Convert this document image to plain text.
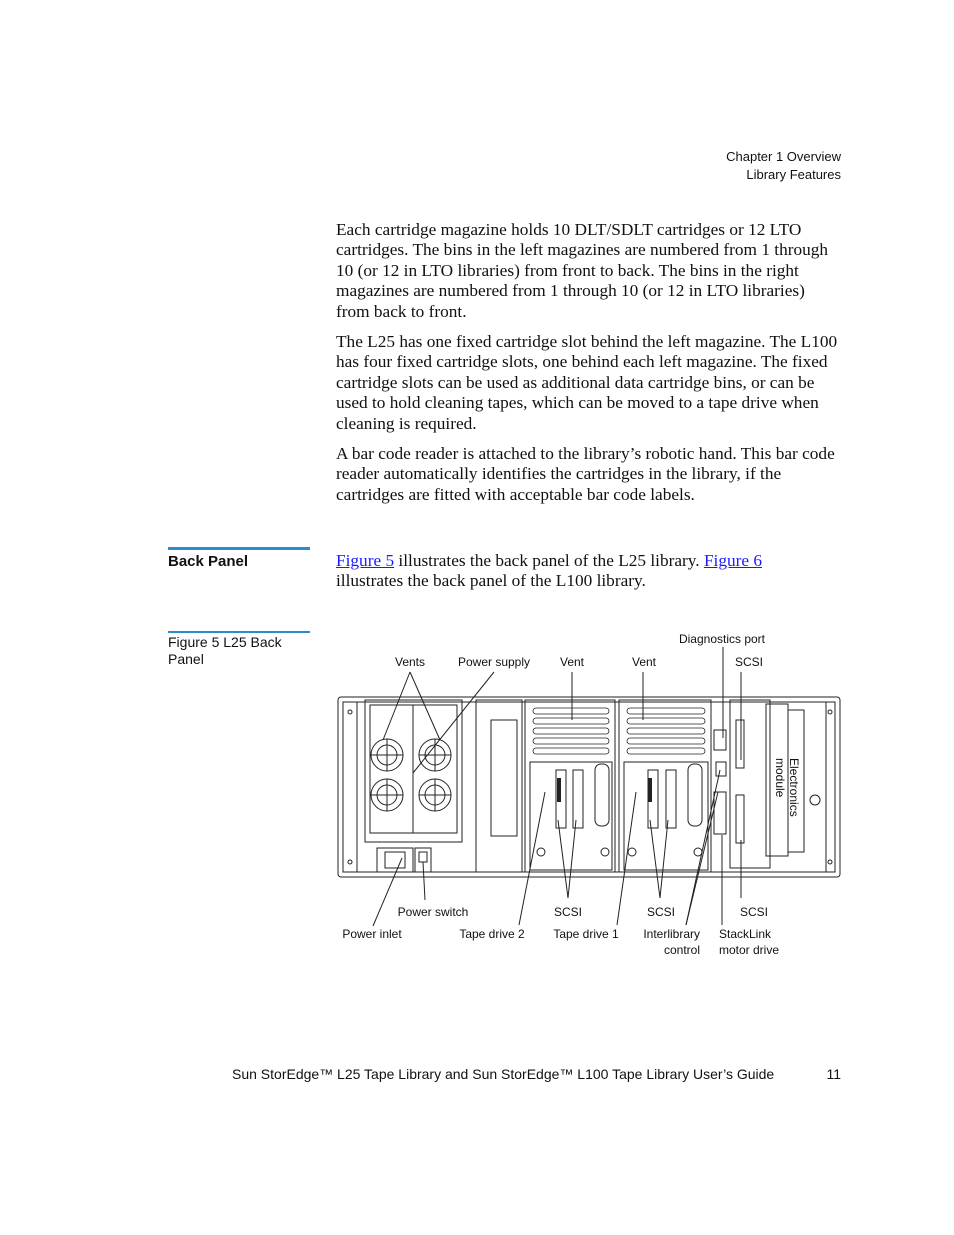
Chapter 1 Overview
Library Features

Each cartridge magazine holds 10 DLT/SDLT cartridges or 12 LTO cartridges. The bins in the left magazines are numbered from 1 through 10 (or 12 in LTO libraries) from front to back. The bins in the right magazines are numbered from 1 through 10 (or 12 in LTO libraries) from back to front.

The L25 has one fixed cartridge slot behind the left magazine. The L100 has four fixed cartridge slots, one behind each left magazine. The fixed cartridge slots can be used as additional data cartridge bins, or can be used to hold cleaning tapes, which can be moved to a tape drive when cleaning is required.

A bar code reader is attached to the library’s robotic hand. This bar code reader automatically identifies the cartridges in the library, if the cartridges are fitted with acceptable bar code labels.

Back Panel	Figure 5 illustrates the back panel of the L25 library. Figure 6
illustrates the back panel of the L100 library.

Figure 5 L25 Back
Panel
Diagnostics port
Vents	Power supply Vent	Vent	SCSI
Electronics
module
Power switch	SCSI	SCSI	SCSI
Power inlet	Tape drive 2 Tape drive 1 Interlibrary
control
StackLink
motor drive
Sun StorEdge™ L25 Tape Library and Sun StorEdge™ L100 Tape Library User’s Guide	11
